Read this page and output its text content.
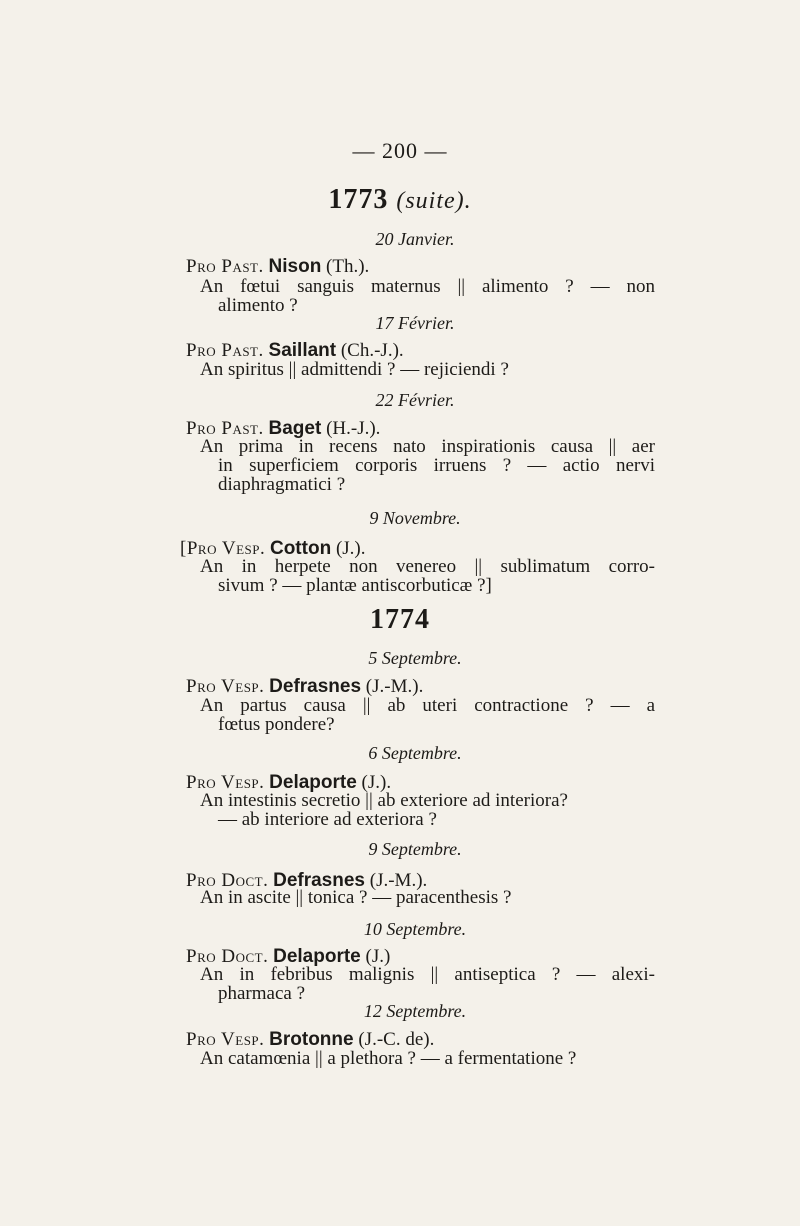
— 200 —
1773 (suite).
20 Janvier.
Pro Past. Nison (Th.).
An fœtui sanguis maternus || alimento ? — non
alimento ?
17 Février.
Pro Past. Saillant (Ch.-J.).
An spiritus || admittendi ? — rejiciendi ?
22 Février.
Pro Past. Baget (H.-J.).
An prima in recens nato inspirationis causa || aer
in superficiem corporis irruens ? — actio nervi
diaphragmatici ?
9 Novembre.
[Pro Vesp. Cotton (J.).
An in herpete non venereo || sublimatum corro-
sivum ? — plantæ antiscorbuticæ ?]
1774
5 Septembre.
Pro Vesp. Defrasnes (J.-M.).
An partus causa || ab uteri contractione ? — a
fœtus pondere?
6 Septembre.
Pro Vesp. Delaporte (J.).
An intestinis secretio || ab exteriore ad interiora?
— ab interiore ad exteriora ?
9 Septembre.
Pro Doct. Defrasnes (J.-M.).
An in ascite || tonica ? — paracenthesis ?
10 Septembre.
Pro Doct. Delaporte (J.)
An in febribus malignis || antiseptica ? — alexi-
pharmaca ?
12 Septembre.
Pro Vesp. Brotonne (J.-C. de).
An catamœnia || a plethora ? — a fermentatione ?
